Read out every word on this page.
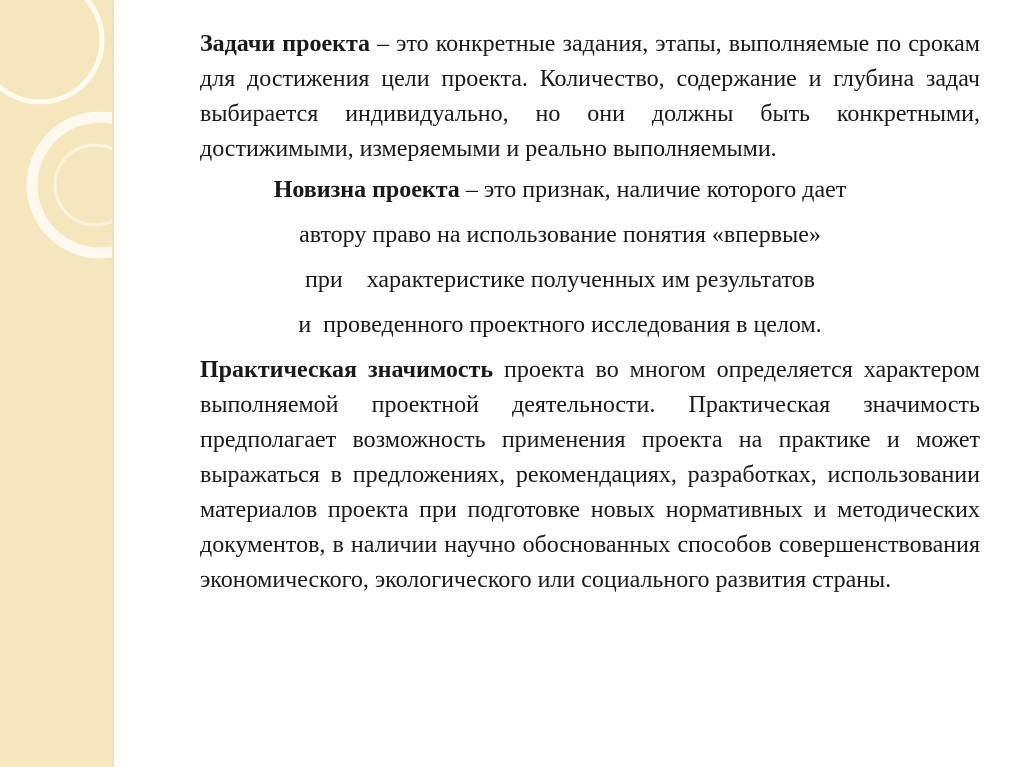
Задачи проекта – это конкретные задания, этапы, выполняемые по срокам для достижения цели проекта. Количество, содержание и глубина задач выбирается индивидуально, но они должны быть конкретными, достижимыми, измеряемыми и реально выполняемыми.

Новизна проекта – это признак, наличие которого дает

автору право на использование понятия «впервые»

при    характеристике полученных им результатов

и  проведенного проектного исследования в целом.

Практическая значимость проекта во многом определяется характером выполняемой проектной деятельности. Практическая значимость предполагает возможность применения проекта на практике и может выражаться в предложениях, рекомендациях, разработках, использовании материалов проекта при подготовке новых нормативных и методических документов, в наличии научно обоснованных способов совершенствования экономического, экологического или социального развития страны.
